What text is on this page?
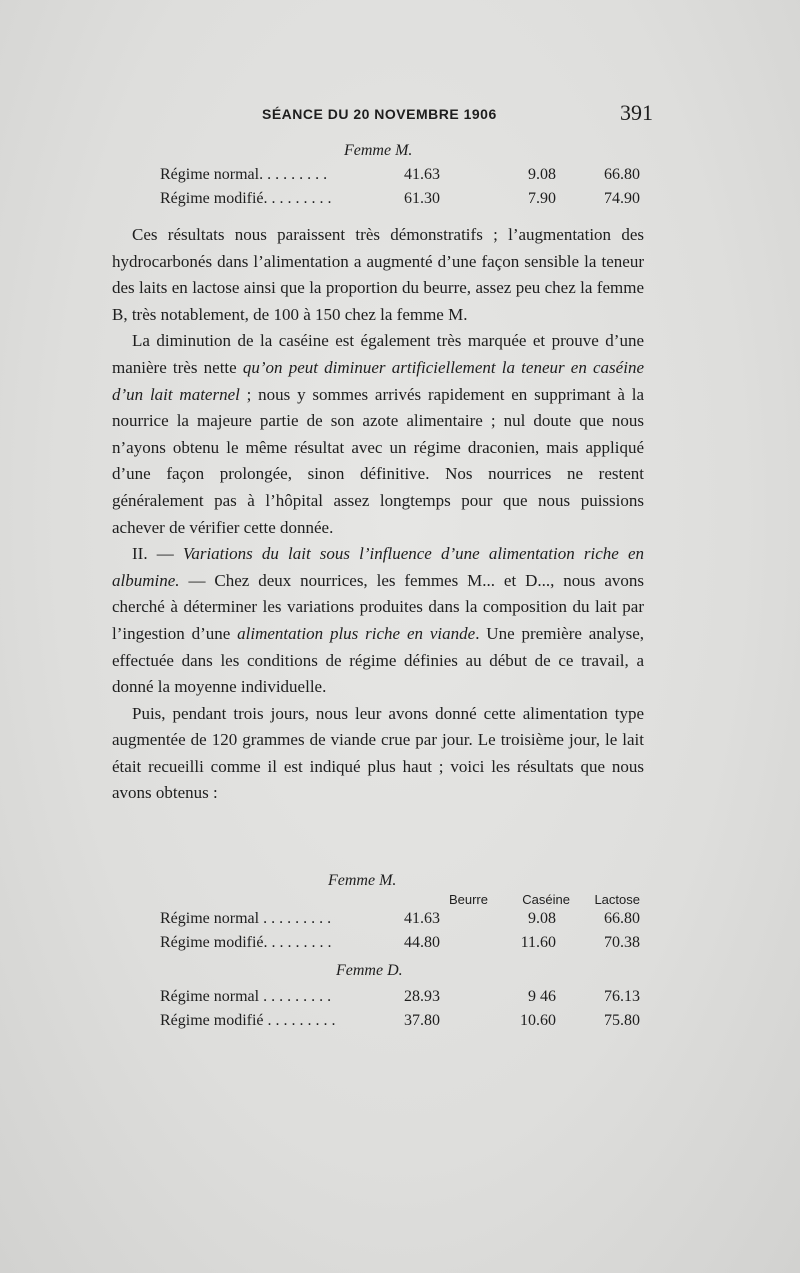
SÉANCE DU 20 NOVEMBRE 1906	391
Femme M.
Régime normal. . . . . . . . .	41.63	9.08	66.80
Régime modifié. . . . . . . . .	61.30	7.90	74.90

Ces résultats nous paraissent très démonstratifs ; l’augmentation des hydrocarbonés dans l’alimentation a augmenté d’une façon sensible la teneur des laits en lactose ainsi que la proportion du beurre, assez peu chez la femme B, très notablement, de 100 à 150 chez la femme M.

La diminution de la caséine est également très marquée et prouve d’une manière très nette qu’on peut diminuer artificiellement la teneur en caséine d’un lait maternel ; nous y sommes arrivés rapidement en supprimant à la nourrice la majeure partie de son azote alimentaire ; nul doute que nous n’ayons obtenu le même résultat avec un régime draconien, mais appliqué d’une façon prolongée, sinon définitive. Nos nourrices ne restent généralement pas à l’hôpital assez longtemps pour que nous puissions achever de vérifier cette donnée.

II. — Variations du lait sous l’influence d’une alimentation riche en albumine. — Chez deux nourrices, les femmes M... et D..., nous avons cherché à déterminer les variations produites dans la composition du lait par l’ingestion d’une alimentation plus riche en viande. Une première analyse, effectuée dans les conditions de régime définies au début de ce travail, a donné la moyenne individuelle.

Puis, pendant trois jours, nous leur avons donné cette alimentation type augmentée de 120 grammes de viande crue par jour. Le troisième jour, le lait était recueilli comme il est indiqué plus haut ; voici les résultats que nous avons obtenus :

Femme M.
Beurre	Caséine Lactose
Régime normal . . . . . . . . .	41.63	9.08	66.80
Régime modifié. . . . . . . . .	44.80	11.60	70.38
Femme D.
Régime normal . . . . . . . . .	28.93	9 46	76.13
Régime modifié . . . . . . . . .	37.80	10.60	75.80
